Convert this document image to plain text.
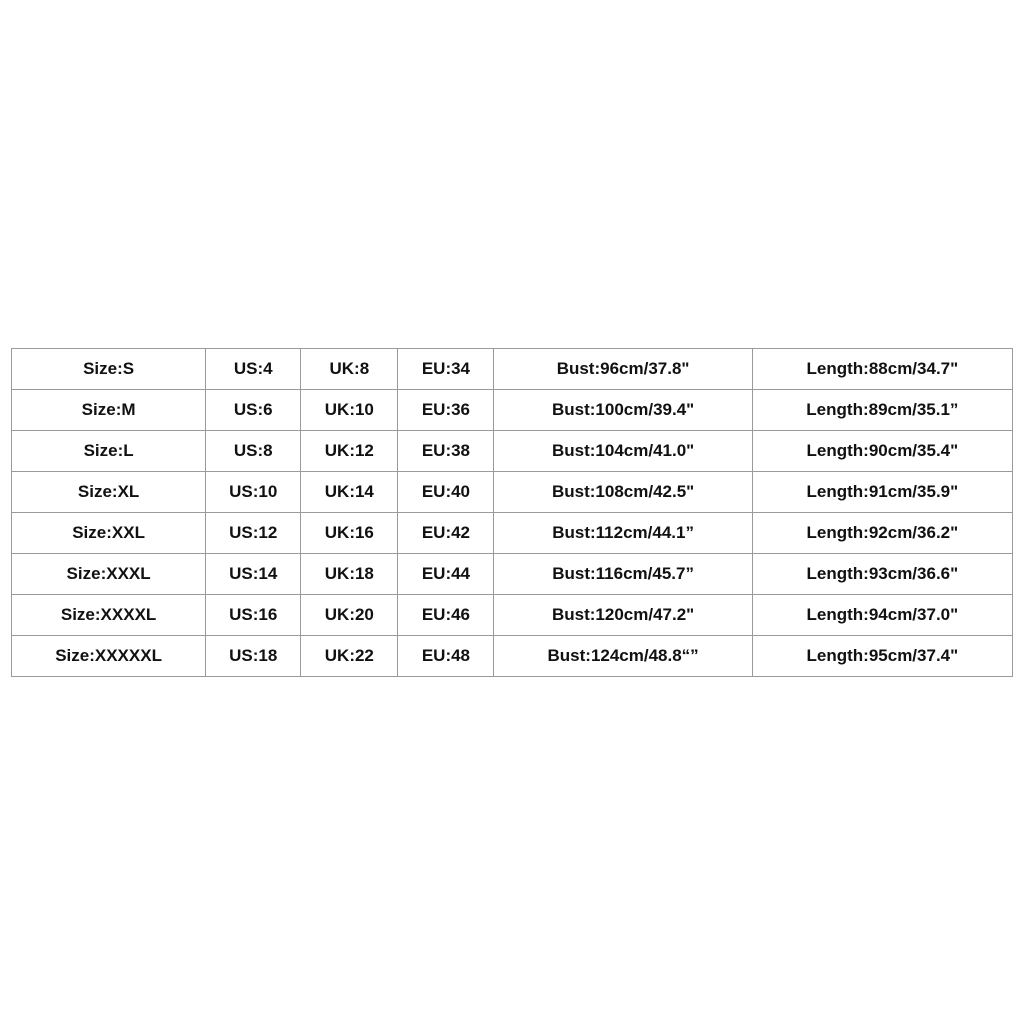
Size:S	US:4	UK:8	EU:34	Bust:96cm/37.8"	Length:88cm/34.7"
Size:M	US:6	UK:10	EU:36	Bust:100cm/39.4"	Length:89cm/35.1”
Size:L	US:8	UK:12	EU:38	Bust:104cm/41.0"	Length:90cm/35.4"
Size:XL	US:10	UK:14	EU:40	Bust:108cm/42.5"	Length:91cm/35.9"
Size:XXL	US:12	UK:16	EU:42	Bust:112cm/44.1”	Length:92cm/36.2"
Size:XXXL	US:14	UK:18	EU:44	Bust:116cm/45.7”	Length:93cm/36.6"
Size:XXXXL	US:16	UK:20	EU:46	Bust:120cm/47.2"	Length:94cm/37.0"
Size:XXXXXL	US:18	UK:22	EU:48	Bust:124cm/48.8“”	Length:95cm/37.4"
